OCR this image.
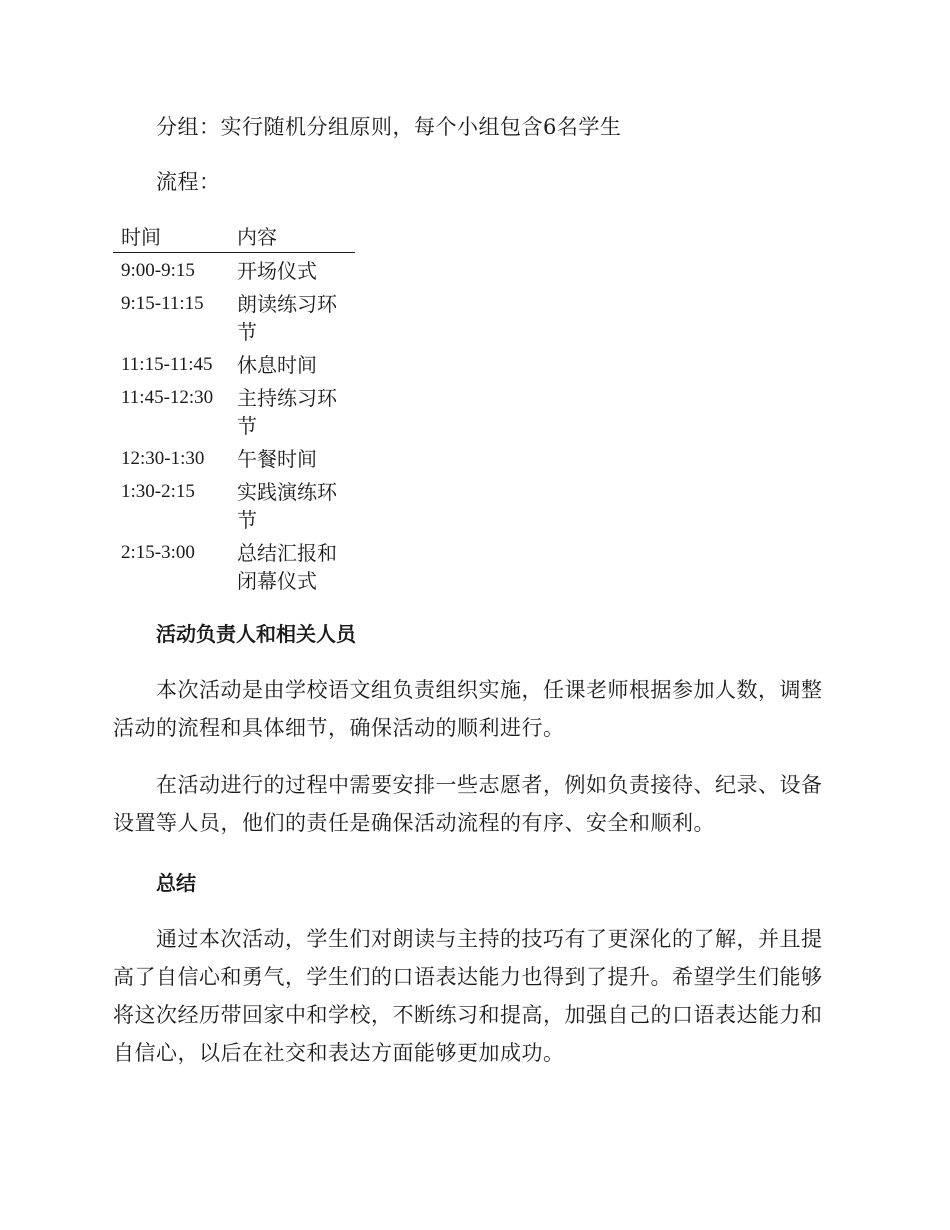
分组：实行随机分组原则，每个小组包含6名学生

流程：

时间	内容
9:00-9:15	开场仪式
9:15-11:15	朗读练习环节
11:15-11:45	休息时间
11:45-12:30	主持练习环节
12:30-1:30	午餐时间
1:30-2:15	实践演练环节
2:15-3:00	总结汇报和闭幕仪式
活动负责人和相关人员

本次活动是由学校语文组负责组织实施，任课老师根据参加人数，调整活动的流程和具体细节，确保活动的顺利进行。

在活动进行的过程中需要安排一些志愿者，例如负责接待、纪录、设备设置等人员，他们的责任是确保活动流程的有序、安全和顺利。

总结

通过本次活动，学生们对朗读与主持的技巧有了更深化的了解，并且提高了自信心和勇气，学生们的口语表达能力也得到了提升。希望学生们能够将这次经历带回家中和学校，不断练习和提高，加强自己的口语表达能力和自信心，以后在社交和表达方面能够更加成功。
